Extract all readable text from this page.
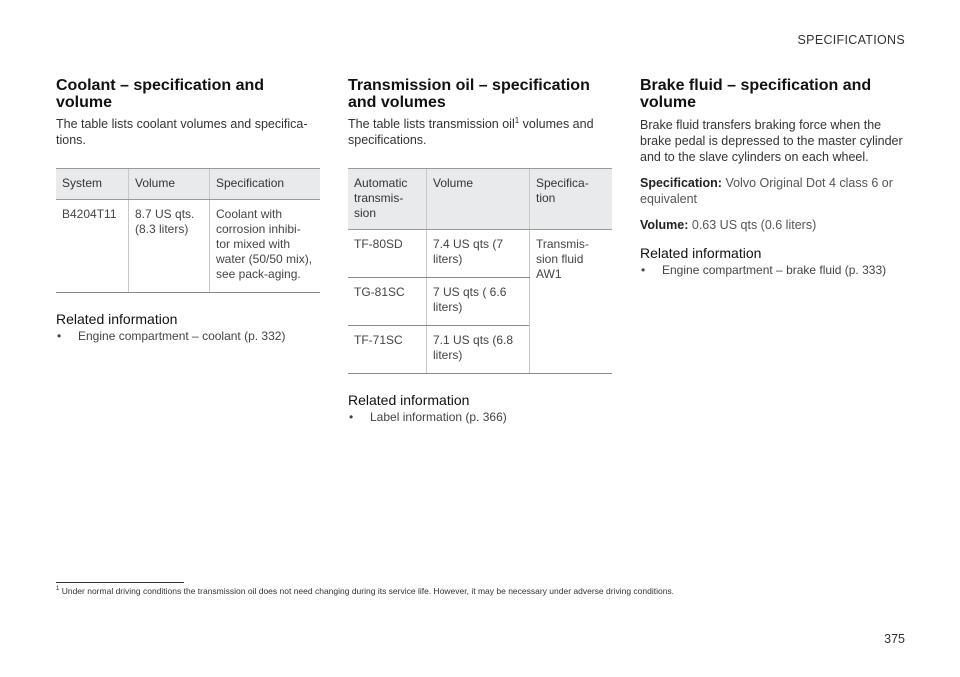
SPECIFICATIONS
Coolant – specification and volume

The table lists coolant volumes and specifica-tions.

System	Volume	Specification
B4204T11	8.7 US qts. (8.3 liters)	Coolant with corrosion inhibi-tor mixed with water (50/50 mix), see pack-aging.
Related information
• Engine compartment – coolant (p. 332)
Transmission oil – specification and volumes

The table lists transmission oil$^1$ volumes and specifications.

Automatic transmis-sion	Volume	Specifica-tion
TF-80SD	7.4 US qts (7 liters)	Transmis-sion fluid AW1
TG-81SC	7 US qts ( 6.6 liters)	
TF-71SC	7.1 US qts (6.8 liters)	
Related information
• Label information (p. 366)
Brake fluid – specification and volume

Brake fluid transfers braking force when the brake pedal is depressed to the master cylinder and to the slave cylinders on each wheel.

Specification: Volvo Original Dot 4 class 6 or equivalent

Volume: 0.63 US qts (0.6 liters)

Related information
• Engine compartment – brake fluid (p. 333)
$^1$ Under normal driving conditions the transmission oil does not need changing during its service life. However, it may be necessary under adverse driving conditions.
375
